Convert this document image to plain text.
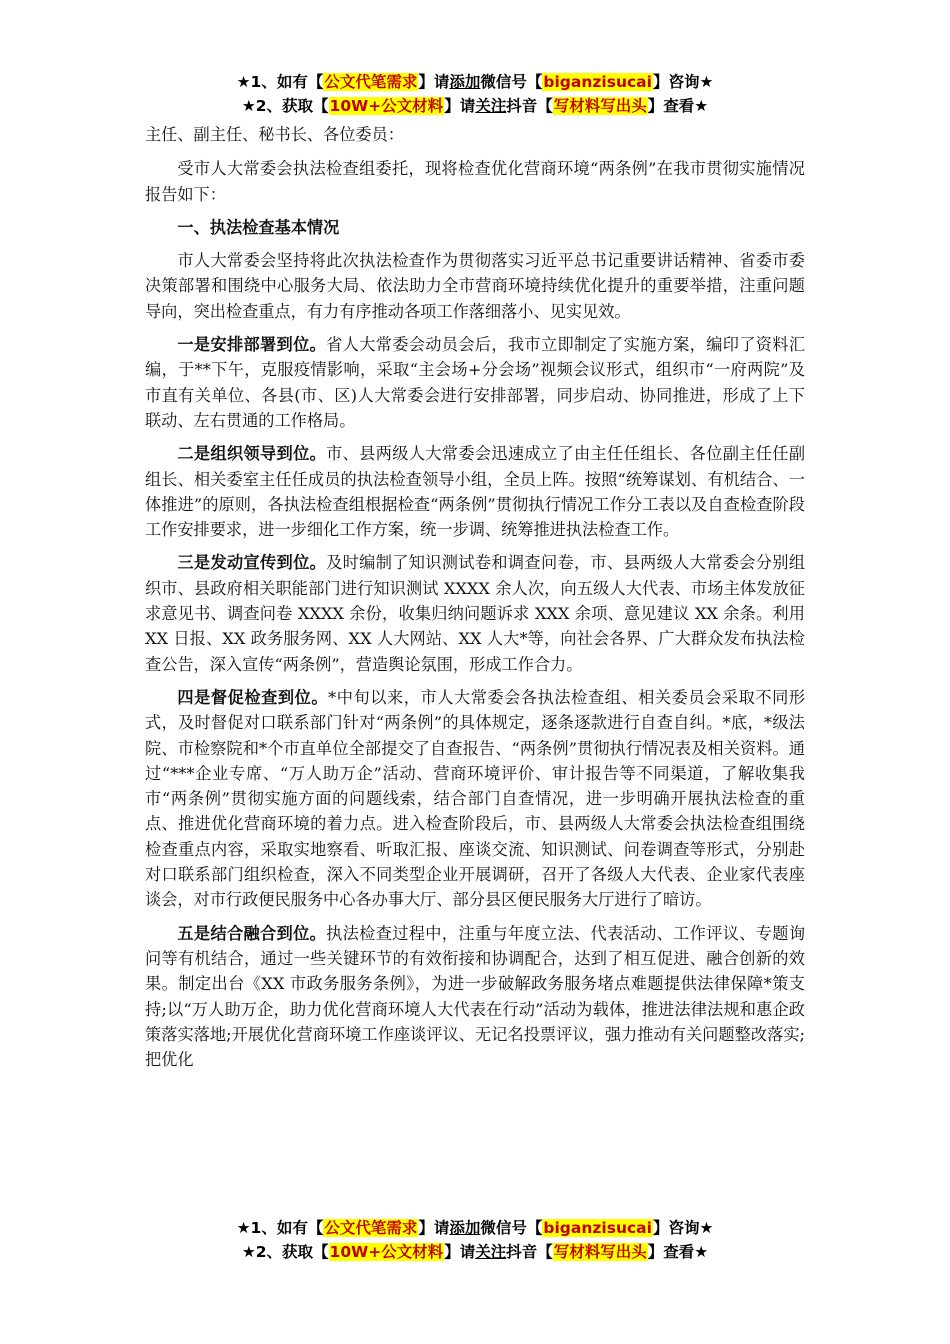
★1、如有【公文代笔需求】请添加微信号【biganzisucai】咨询★
★2、获取【10W+公文材料】请关注抖音【写材料写出头】查看★

主任、副主任、秘书长、各位委员：

受市人大常委会执法检查组委托，现将检查优化营商环境“两条例”在我市贯彻实施情况报告如下：

一、执法检查基本情况

市人大常委会坚持将此次执法检查作为贯彻落实习近平总书记重要讲话精神、省委市委决策部署和围绕中心服务大局、依法助力全市营商环境持续优化提升的重要举措，注重问题导向，突出检查重点，有力有序推动各项工作落细落小、见实见效。

一是安排部署到位。省人大常委会动员会后，我市立即制定了实施方案，编印了资料汇编，于**下午，克服疫情影响，采取“主会场+分会场”视频会议形式，组织市“一府两院”及市直有关单位、各县(市、区)人大常委会进行安排部署，同步启动、协同推进，形成了上下联动、左右贯通的工作格局。

二是组织领导到位。市、县两级人大常委会迅速成立了由主任任组长、各位副主任任副组长、相关委室主任任成员的执法检查领导小组，全员上阵。按照“统筹谋划、有机结合、一体推进”的原则，各执法检查组根据检查“两条例”贯彻执行情况工作分工表以及自查检查阶段工作安排要求，进一步细化工作方案，统一步调、统筹推进执法检查工作。

三是发动宣传到位。及时编制了知识测试卷和调查问卷，市、县两级人大常委会分别组织市、县政府相关职能部门进行知识测试 XXXX 余人次，向五级人大代表、市场主体发放征求意见书、调查问卷 XXXX 余份，收集归纳问题诉求 XXX 余项、意见建议 XX 余条。利用 XX 日报、XX 政务服务网、XX 人大网站、XX 人大*等，向社会各界、广大群众发布执法检查公告，深入宣传“两条例”，营造舆论氛围，形成工作合力。

四是督促检查到位。*中旬以来，市人大常委会各执法检查组、相关委员会采取不同形式，及时督促对口联系部门针对“两条例”的具体规定，逐条逐款进行自查自纠。*底，*级法院、市检察院和*个市直单位全部提交了自查报告、“两条例”贯彻执行情况表及相关资料。通过“***企业专席、“万人助万企”活动、营商环境评价、审计报告等不同渠道，了解收集我市“两条例”贯彻实施方面的问题线索，结合部门自查情况，进一步明确开展执法检查的重点、推进优化营商环境的着力点。进入检查阶段后，市、县两级人大常委会执法检查组围绕检查重点内容，采取实地察看、听取汇报、座谈交流、知识测试、问卷调查等形式，分别赴对口联系部门组织检查，深入不同类型企业开展调研，召开了各级人大代表、企业家代表座谈会，对市行政便民服务中心各办事大厅、部分县区便民服务大厅进行了暗访。

五是结合融合到位。执法检查过程中，注重与年度立法、代表活动、工作评议、专题询问等有机结合，通过一些关键环节的有效衔接和协调配合，达到了相互促进、融合创新的效果。制定出台《XX 市政务服务条例》，为进一步破解政务服务堵点难题提供法律保障*策支持;以“万人助万企，助力优化营商环境人大代表在行动”活动为载体，推进法律法规和惠企政策落实落地;开展优化营商环境工作座谈评议、无记名投票评议，强力推动有关问题整改落实;把优化

★1、如有【公文代笔需求】请添加微信号【biganzisucai】咨询★
★2、获取【10W+公文材料】请关注抖音【写材料写出头】查看★
